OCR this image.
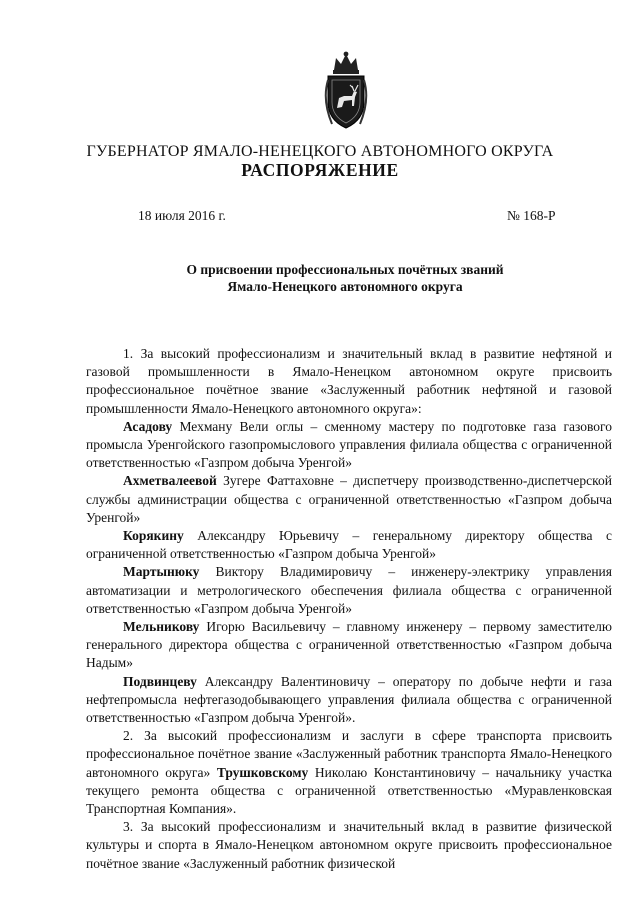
ГУБЕРНАТОР ЯМАЛО-НЕНЕЦКОГО АВТОНОМНОГО ОКРУГА
РАСПОРЯЖЕНИЕ
18 июля 2016 г.	№ 168-Р
О присвоении профессиональных почётных званий
Ямало-Ненецкого автономного округа

1. За высокий профессионализм и значительный вклад в развитие нефтяной и газовой промышленности в Ямало-Ненецком автономном округе присвоить профессиональное почётное звание «Заслуженный работник нефтяной и газовой промышленности Ямало-Ненецкого автономного округа»:

Асадову Мехману Вели оглы – сменному мастеру по подготовке газа газового промысла Уренгойского газопромыслового управления филиала общества с ограниченной ответственностью «Газпром добыча Уренгой»

Ахметвалеевой Зугере Фаттаховне – диспетчеру производственно-диспетчерской службы администрации общества с ограниченной ответственностью «Газпром добыча Уренгой»

Корякину Александру Юрьевичу – генеральному директору общества с ограниченной ответственностью «Газпром добыча Уренгой»

Мартынюку Виктору Владимировичу – инженеру-электрику управления автоматизации и метрологического обеспечения филиала общества с ограниченной ответственностью «Газпром добыча Уренгой»

Мельникову Игорю Васильевичу – главному инженеру – первому заместителю генерального директора общества с ограниченной ответственностью «Газпром добыча Надым»

Подвинцеву Александру Валентиновичу – оператору по добыче нефти и газа нефтепромысла нефтегазодобывающего управления филиала общества с ограниченной ответственностью «Газпром добыча Уренгой».

2. За высокий профессионализм и заслуги в сфере транспорта присвоить профессиональное почётное звание «Заслуженный работник транспорта Ямало-Ненецкого автономного округа» Трушковскому Николаю Константиновичу – начальнику участка текущего ремонта общества с ограниченной ответственностью «Муравленковская Транспортная Компания».

3. За высокий профессионализм и значительный вклад в развитие физической культуры и спорта в Ямало-Ненецком автономном округе присвоить профессиональное почётное звание «Заслуженный работник физической
